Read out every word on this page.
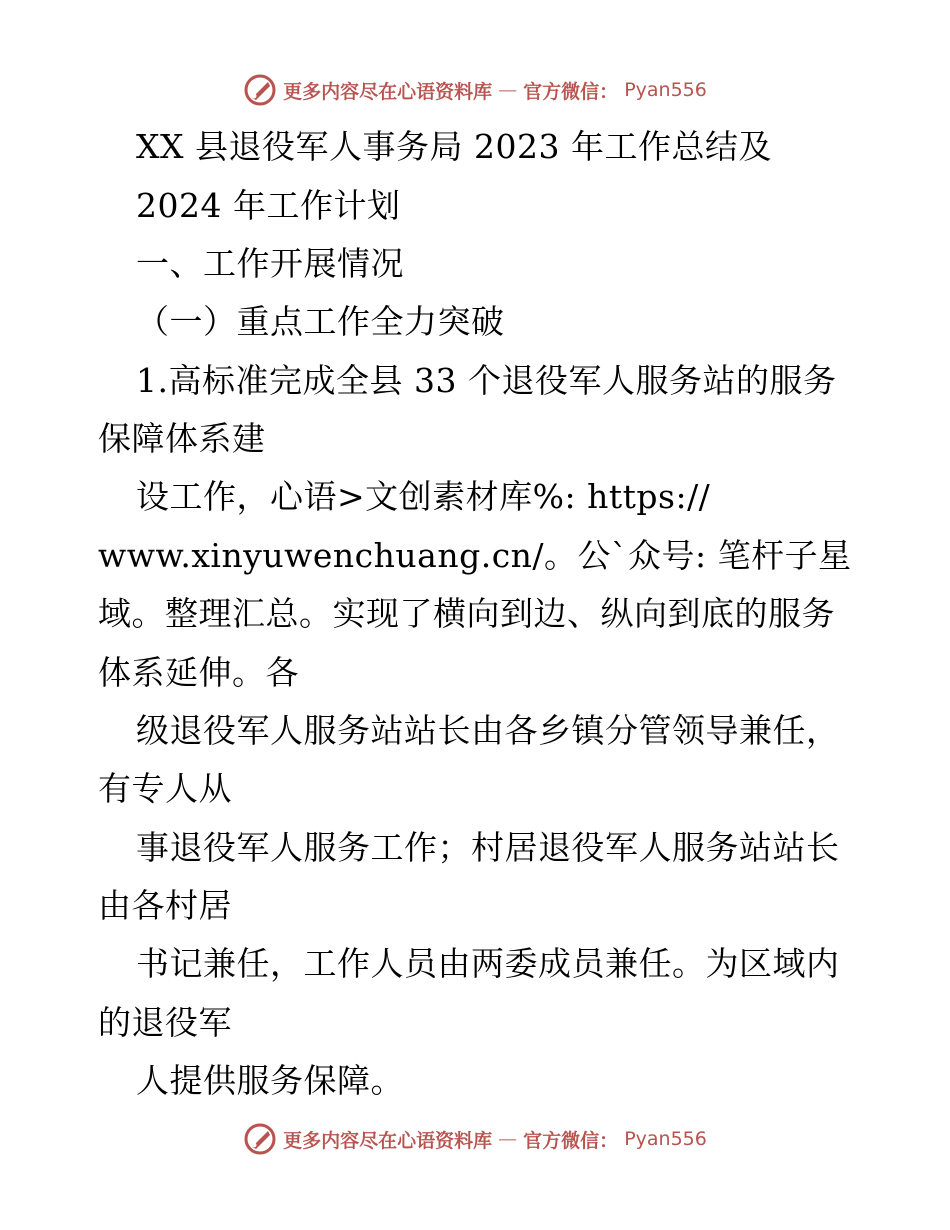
更多内容尽在心语资料库 — 官方微信： Pyan556
XX 县退役军人事务局 2023 年工作总结及
2024 年工作计划
一、工作开展情况
（一）重点工作全力突破
1.高标准完成全县 33 个退役军人服务站的服务
保障体系建
设工作，心语>文创素材库%: https://
www.xinyuwenchuang.cn/。公`众号: 笔杆子星
域。整理汇总。实现了横向到边、纵向到底的服务
体系延伸。各
级退役军人服务站站长由各乡镇分管领导兼任，
有专人从
事退役军人服务工作；村居退役军人服务站站长
由各村居
书记兼任，工作人员由两委成员兼任。为区域内
的退役军
人提供服务保障。
更多内容尽在心语资料库 — 官方微信： Pyan556
